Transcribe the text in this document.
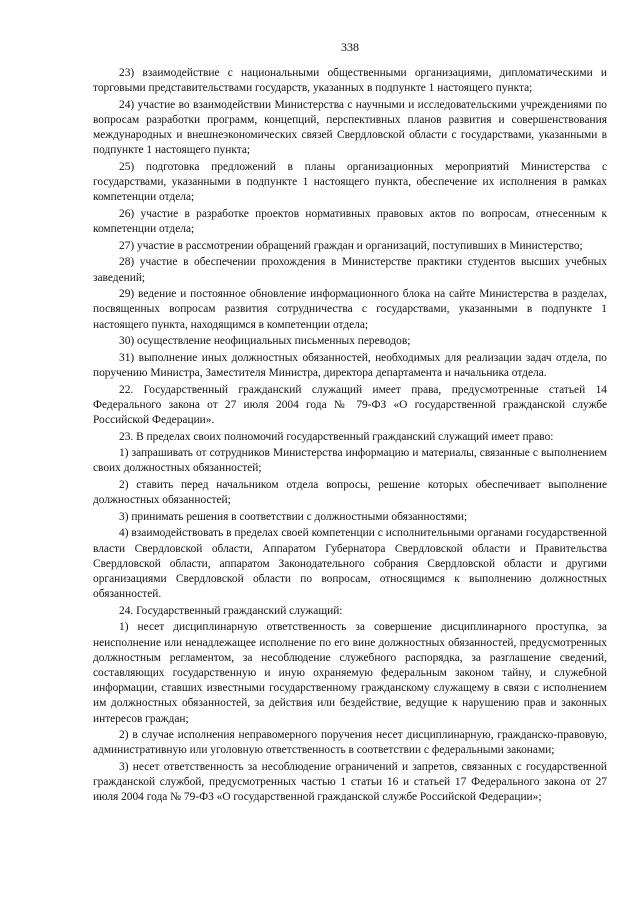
338

23) взаимодействие с национальными общественными организациями, дипломатическими и торговыми представительствами государств, указанных в подпункте 1 настоящего пункта;

24) участие во взаимодействии Министерства с научными и исследовательскими учреждениями по вопросам разработки программ, концепций, перспективных планов развития и совершенствования международных и внешнеэкономических связей Свердловской области с государствами, указанными в подпункте 1 настоящего пункта;

25) подготовка предложений в планы организационных мероприятий Министерства с государствами, указанными в подпункте 1 настоящего пункта, обеспечение их исполнения в рамках компетенции отдела;

26) участие в разработке проектов нормативных правовых актов по вопросам, отнесенным к компетенции отдела;

27) участие в рассмотрении обращений граждан и организаций, поступивших в Министерство;

28) участие в обеспечении прохождения в Министерстве практики студентов высших учебных заведений;

29) ведение и постоянное обновление информационного блока на сайте Министерства в разделах, посвященных вопросам развития сотрудничества с государствами, указанными в подпункте 1 настоящего пункта, находящимся в компетенции отдела;

30) осуществление неофициальных письменных переводов;

31) выполнение иных должностных обязанностей, необходимых для реализации задач отдела, по поручению Министра, Заместителя Министра, директора департамента и начальника отдела.

22. Государственный гражданский служащий имеет права, предусмотренные статьей 14 Федерального закона от 27 июля 2004 года № 79-ФЗ «О государственной гражданской службе Российской Федерации».

23. В пределах своих полномочий государственный гражданский служащий имеет право:

1) запрашивать от сотрудников Министерства информацию и материалы, связанные с выполнением своих должностных обязанностей;

2) ставить перед начальником отдела вопросы, решение которых обеспечивает выполнение должностных обязанностей;

3) принимать решения в соответствии с должностными обязанностями;

4) взаимодействовать в пределах своей компетенции с исполнительными органами государственной власти Свердловской области, Аппаратом Губернатора Свердловской области и Правительства Свердловской области, аппаратом Законодательного собрания Свердловской области и другими организациями Свердловской области по вопросам, относящимся к выполнению должностных обязанностей.

24. Государственный гражданский служащий:

1) несет дисциплинарную ответственность за совершение дисциплинарного проступка, за неисполнение или ненадлежащее исполнение по его вине должностных обязанностей, предусмотренных должностным регламентом, за несоблюдение служебного распорядка, за разглашение сведений, составляющих государственную и иную охраняемую федеральным законом тайну, и служебной информации, ставших известными государственному гражданскому служащему в связи с исполнением им должностных обязанностей, за действия или бездействие, ведущие к нарушению прав и законных интересов граждан;

2) в случае исполнения неправомерного поручения несет дисциплинарную, гражданско-правовую, административную или уголовную ответственность в соответствии с федеральными законами;

3) несет ответственность за несоблюдение ограничений и запретов, связанных с государственной гражданской службой, предусмотренных частью 1 статьи 16 и статьей 17 Федерального закона от 27 июля 2004 года № 79-ФЗ «О государственной гражданской службе Российской Федерации»;
